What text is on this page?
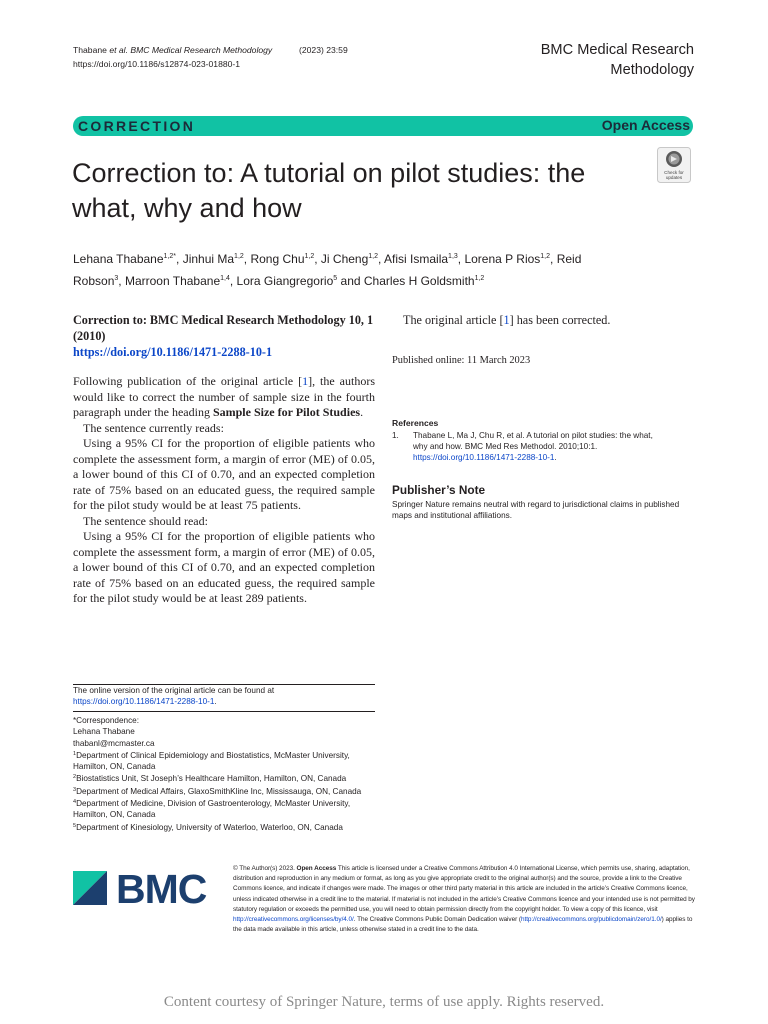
Thabane et al. BMC Medical Research Methodology	(2023) 23:59
https://doi.org/10.1186/s12874-023-01880-1
BMC Medical Research
Methodology
CORRECTION	Open Access
Correction to: A tutorial on pilot studies: the what, why and how
Check for
updates
Lehana Thabane$^{1,2*}$, Jinhui Ma$^{1,2}$, Rong Chu$^{1,2}$, Ji Cheng$^{1,2}$, Afisi Ismaila$^{1,3}$, Lorena P Rios$^{1,2}$, Reid Robson$^3$, Marroon Thabane$^{1,4}$, Lora Giangregorio$^5$ and Charles H Goldsmith$^{1,2}$
Correction to: BMC Medical Research Methodology 10, 1 (2010)
https://doi.org/10.1186/1471-2288-10-1

Following publication of the original article [1], the authors would like to correct the number of sample size in the fourth paragraph under the heading Sample Size for Pilot Studies.

The sentence currently reads:

Using a 95% CI for the proportion of eligible patients who complete the assessment form, a margin of error (ME) of 0.05, a lower bound of this CI of 0.70, and an expected completion rate of 75% based on an educated guess, the required sample for the pilot study would be at least 75 patients.

The sentence should read:

Using a 95% CI for the proportion of eligible patients who complete the assessment form, a margin of error (ME) of 0.05, a lower bound of this CI of 0.70, and an expected completion rate of 75% based on an educated guess, the required sample for the pilot study would be at least 289 patients.

The online version of the original article can be found at https://doi.org/10.1186/1471-2288-10-1.
*Correspondence:
Lehana Thabane
thabanl@mcmaster.ca
$^1$Department of Clinical Epidemiology and Biostatistics, McMaster University, Hamilton, ON, Canada
$^2$Biostatistics Unit, St Joseph’s Healthcare Hamilton, Hamilton, ON, Canada
$^3$Department of Medical Affairs, GlaxoSmithKline Inc, Mississauga, ON, Canada
$^4$Department of Medicine, Division of Gastroenterology, McMaster University, Hamilton, ON, Canada
$^5$Department of Kinesiology, University of Waterloo, Waterloo, ON, Canada
The original article [1] has been corrected.
Published online: 11 March 2023
References
1. Thabane L, Ma J, Chu R, et al. A tutorial on pilot studies: the what, why and how. BMC Med Res Methodol. 2010;10:1. https://doi.org/10.1186/1471-2288-10-1.
Publisher’s Note
Springer Nature remains neutral with regard to jurisdictional claims in published maps and institutional affiliations.
BMC	© The Author(s) 2023. Open Access This article is licensed under a Creative Commons Attribution 4.0 International License, which permits use, sharing, adaptation, distribution and reproduction in any medium or format, as long as you give appropriate credit to the original author(s) and the source, provide a link to the Creative Commons licence, and indicate if changes were made. The images or other third party material in this article are included in the article’s Creative Commons licence, unless indicated otherwise in a credit line to the material. If material is not included in the article’s Creative Commons licence and your intended use is not permitted by statutory regulation or exceeds the permitted use, you will need to obtain permission directly from the copyright holder. To view a copy of this licence, visit http://creativecommons.org/licenses/by/4.0/. The Creative Commons Public Domain Dedication waiver (http://creativecommons.org/publicdomain/zero/1.0/) applies to the data made available in this article, unless otherwise stated in a credit line to the data.
Content courtesy of Springer Nature, terms of use apply. Rights reserved.
